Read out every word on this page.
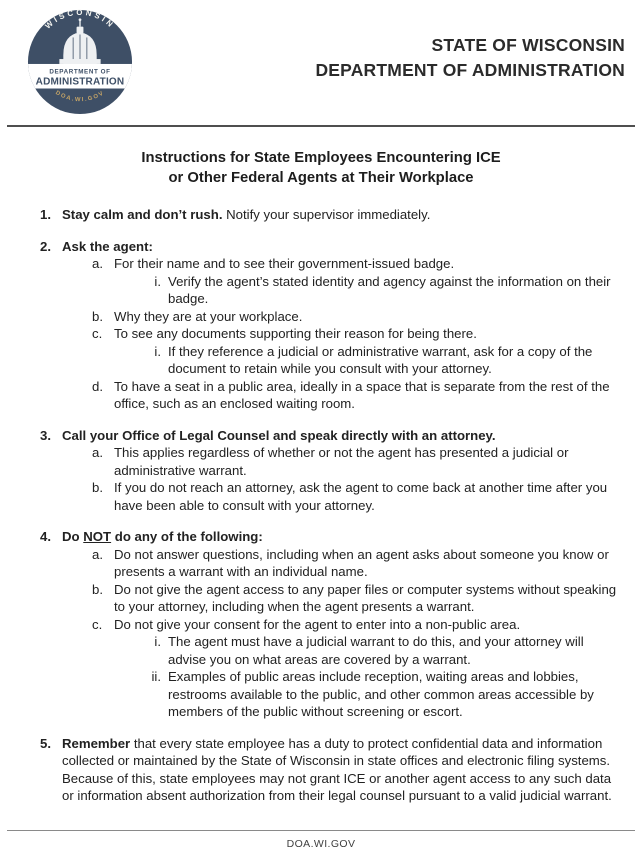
WISCONSIN
DOA.WI.GOV
DEPARTMENT OF
ADMINISTRATION
STATE OF WISCONSIN
DEPARTMENT OF ADMINISTRATION
Instructions for State Employees Encountering ICE
or Other Federal Agents at Their Workplace
1. Stay calm and don’t rush. Notify your supervisor immediately.
2. Ask the agent:
a. For their name and to see their government-issued badge.
i. Verify the agent’s stated identity and agency against the information on their badge.
b. Why they are at your workplace.
c. To see any documents supporting their reason for being there.
i. If they reference a judicial or administrative warrant, ask for a copy of the document to retain while you consult with your attorney.
d. To have a seat in a public area, ideally in a space that is separate from the rest of the office, such as an enclosed waiting room.
3. Call your Office of Legal Counsel and speak directly with an attorney.
a. This applies regardless of whether or not the agent has presented a judicial or administrative warrant.
b. If you do not reach an attorney, ask the agent to come back at another time after you have been able to consult with your attorney.
4. Do NOT do any of the following:
a. Do not answer questions, including when an agent asks about someone you know or presents a warrant with an individual name.
b. Do not give the agent access to any paper files or computer systems without speaking to your attorney, including when the agent presents a warrant.
c. Do not give your consent for the agent to enter into a non-public area.
i. The agent must have a judicial warrant to do this, and your attorney will advise you on what areas are covered by a warrant.
ii. Examples of public areas include reception, waiting areas and lobbies, restrooms available to the public, and other common areas accessible by members of the public without screening or escort.
5. Remember that every state employee has a duty to protect confidential data and information collected or maintained by the State of Wisconsin in state offices and electronic filing systems. Because of this, state employees may not grant ICE or another agent access to any such data or information absent authorization from their legal counsel pursuant to a valid judicial warrant.
DOA.WI.GOV
